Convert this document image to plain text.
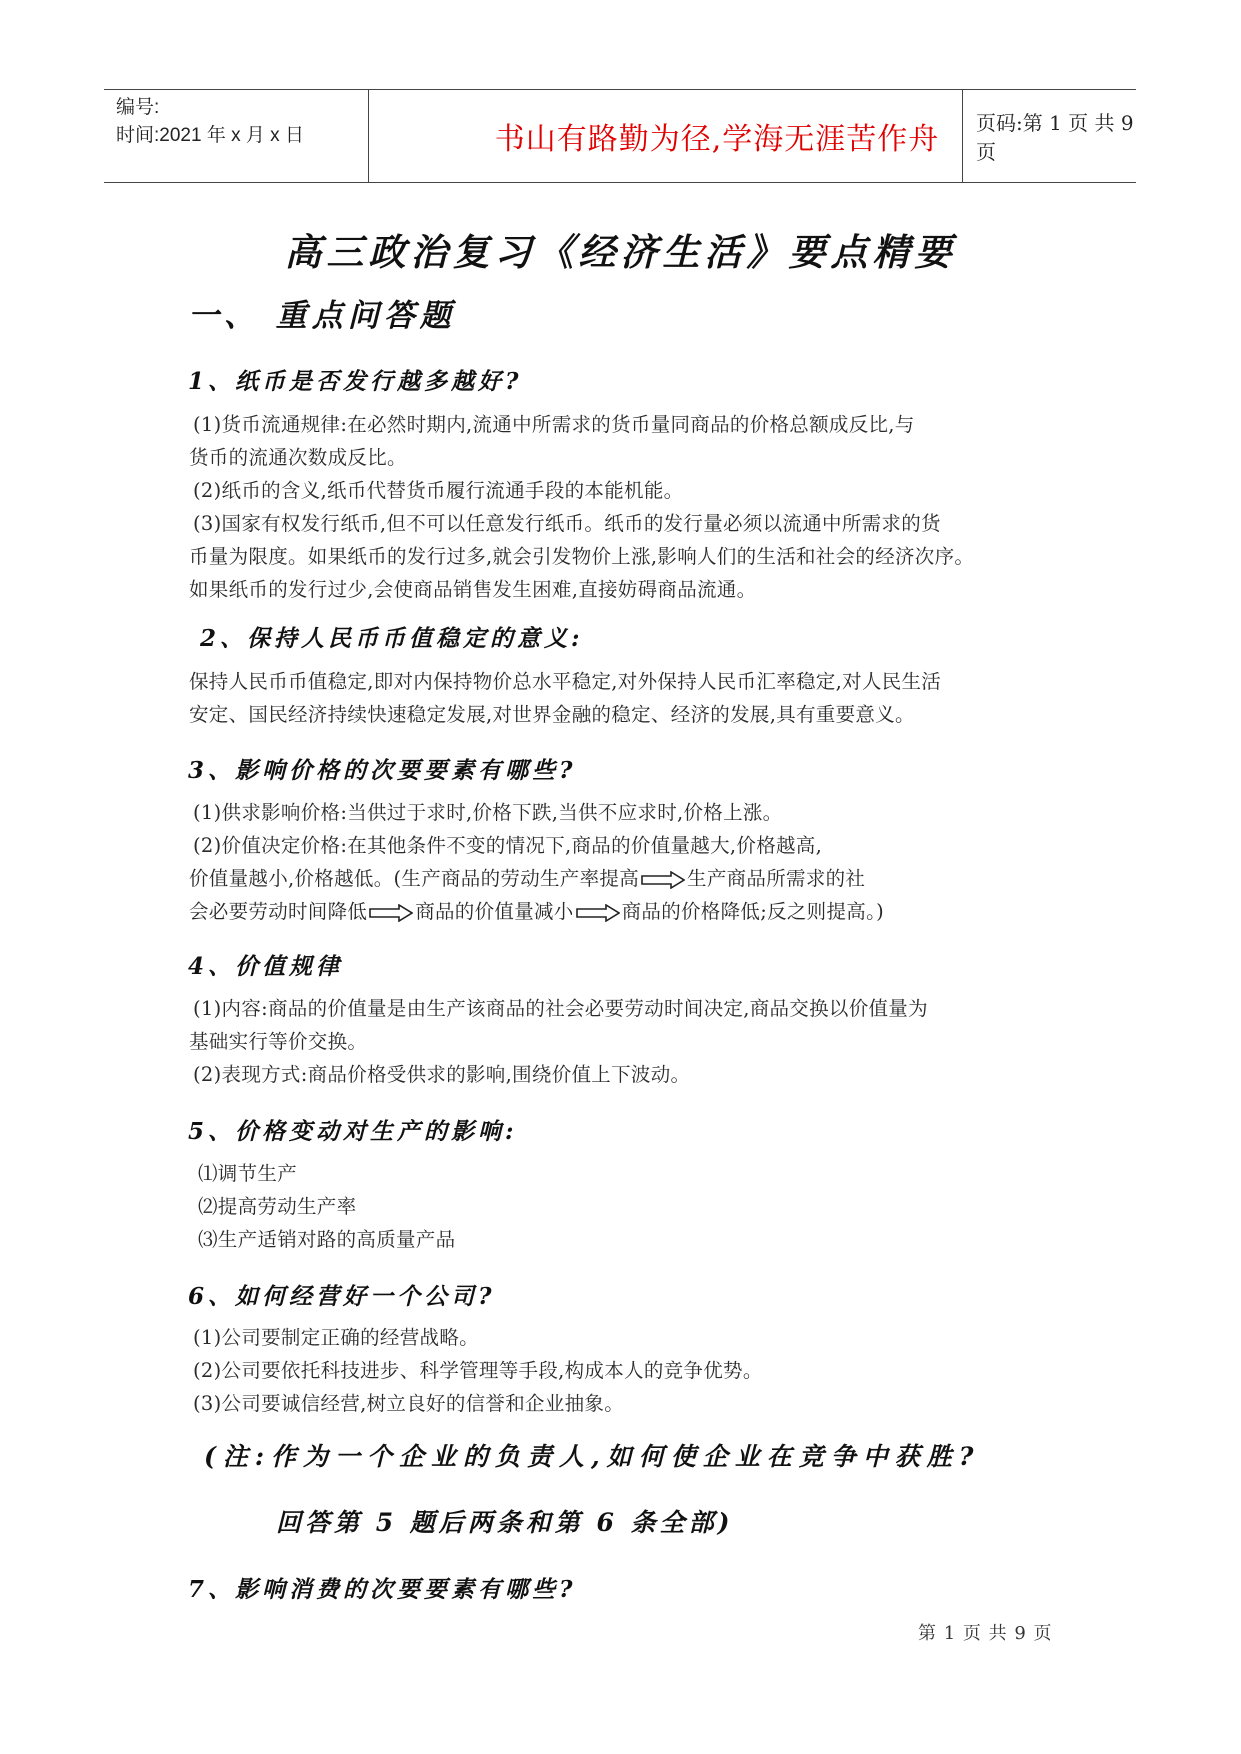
编号:
时间:2021 年 x 月 x 日	书山有路勤为径,学海无涯苦作舟	页码:第 1 页 共 9 页
高三政治复习《经济生活》要点精要
一、 重点问答题
1、纸币是否发行越多越好?
(1)货币流通规律:在必然时期内,流通中所需求的货币量同商品的价格总额成反比,与
货币的流通次数成反比。
(2)纸币的含义,纸币代替货币履行流通手段的本能机能。
(3)国家有权发行纸币,但不可以任意发行纸币。纸币的发行量必须以流通中所需求的货
币量为限度。如果纸币的发行过多,就会引发物价上涨,影响人们的生活和社会的经济次序。
如果纸币的发行过少,会使商品销售发生困难,直接妨碍商品流通。
2、保持人民币币值稳定的意义:
保持人民币币值稳定,即对内保持物价总水平稳定,对外保持人民币汇率稳定,对人民生活
安定、国民经济持续快速稳定发展,对世界金融的稳定、经济的发展,具有重要意义。
3、影响价格的次要要素有哪些?
(1)供求影响价格:当供过于求时,价格下跌,当供不应求时,价格上涨。
(2)价值决定价格:在其他条件不变的情况下,商品的价值量越大,价格越高,
价值量越小,价格越低。(生产商品的劳动生产率提高 生产商品所需求的社
会必要劳动时间降低 商品的价值量减小 商品的价格降低;反之则提高。)
4、价值规律
(1)内容:商品的价值量是由生产该商品的社会必要劳动时间决定,商品交换以价值量为
基础实行等价交换。
(2)表现方式:商品价格受供求的影响,围绕价值上下波动。
5、价格变动对生产的影响:
⑴调节生产
⑵提高劳动生产率
⑶生产适销对路的高质量产品
6、如何经营好一个公司?
(1)公司要制定正确的经营战略。
(2)公司要依托科技进步、科学管理等手段,构成本人的竞争优势。
(3)公司要诚信经营,树立良好的信誉和企业抽象。
(注:作为一个企业的负责人,如何使企业在竞争中获胜?
回答第 5 题后两条和第 6 条全部)
7、影响消费的次要要素有哪些?
第 1 页 共 9 页
